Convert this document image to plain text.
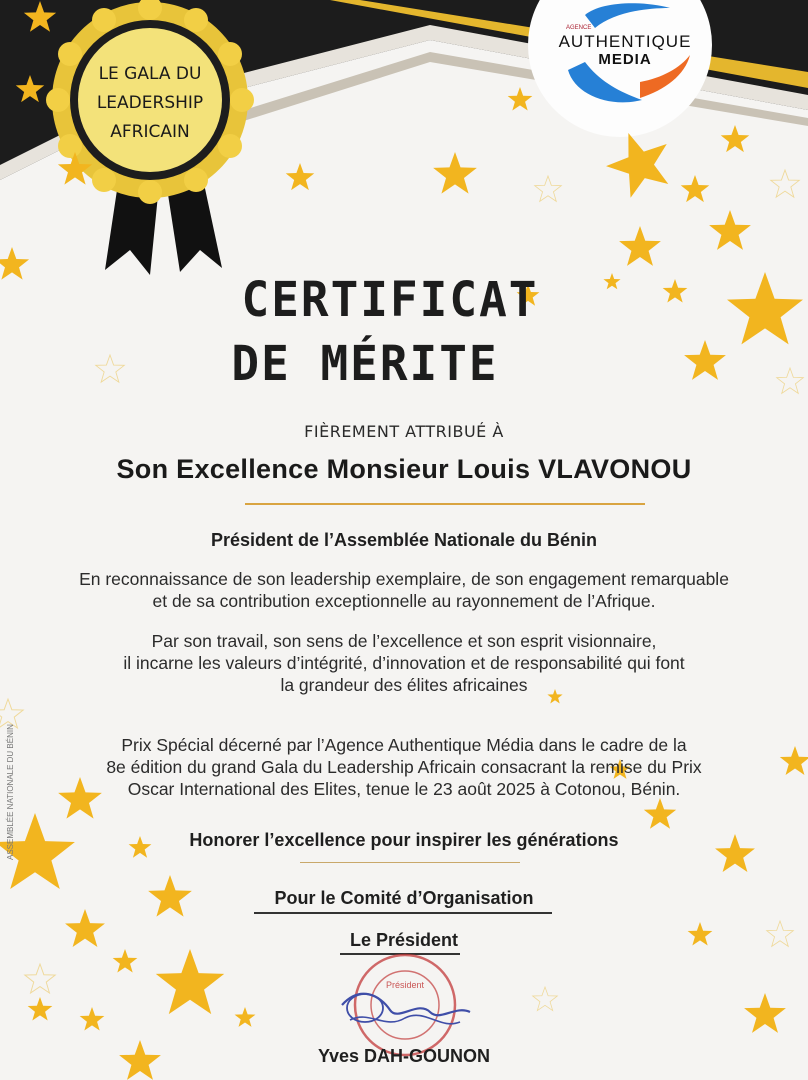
LE GALA DU
LEADERSHIP
AFRICAIN
AGENCE
AUTHENTIQUE
MEDIA
CERTIFICAT
DE MÉRITE
FIÈREMENT ATTRIBUÉ À
Son Excellence Monsieur Louis VLAVONOU
Président de l’Assemblée Nationale du Bénin
En reconnaissance de son leadership exemplaire, de son engagement remarquable
et de sa contribution exceptionnelle au rayonnement de l’Afrique.
Par son travail, son sens de l’excellence et son esprit visionnaire,
il incarne les valeurs d’intégrité, d’innovation et de responsabilité qui font
la grandeur des élites africaines
Prix Spécial décerné par l’Agence Authentique Média dans le cadre de la
8e édition du grand Gala du Leadership Africain consacrant la remise du Prix
Oscar International des Elites, tenue le 23 août 2025 à Cotonou, Bénin.
Honorer l’excellence pour inspirer les générations
Pour le Comité d’Organisation
Le Président
Président
Yves DAH-GOUNON
ASSEMBLÉE NATIONALE DU BÉNIN
